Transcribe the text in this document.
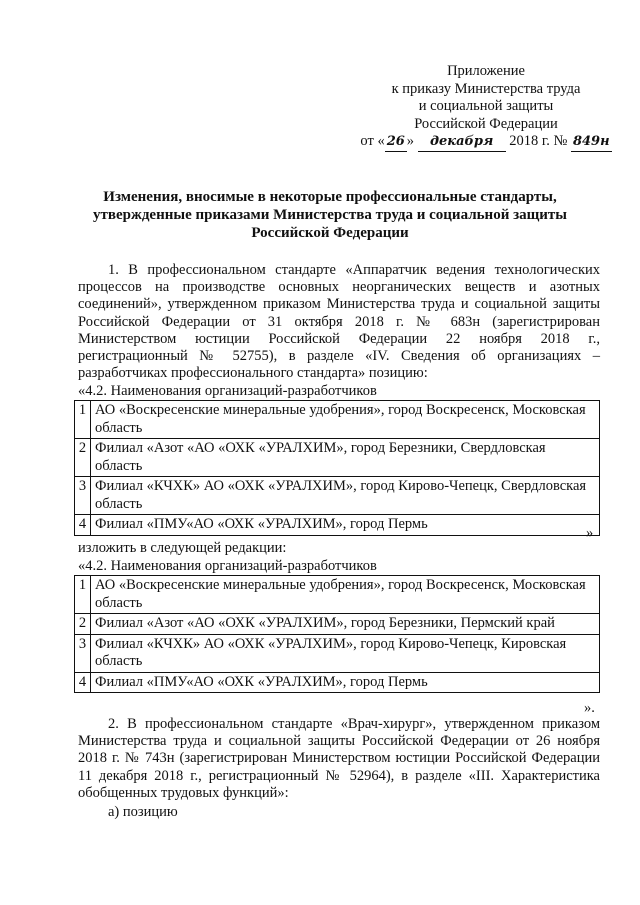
Приложение
к приказу Министерства труда
и социальной защиты
Российской Федерации
от « 26 » декабря 2018 г. № 849н
Изменения, вносимые в некоторые профессиональные стандарты,
утвержденные приказами Министерства труда и социальной защиты
Российской Федерации
1. В профессиональном стандарте «Аппаратчик ведения технологических процессов на производстве основных неорганических веществ и азотных соединений», утвержденном приказом Министерства труда и социальной защиты Российской Федерации от 31 октября 2018 г. № 683н (зарегистрирован Министерством юстиции Российской Федерации 22 ноября 2018 г., регистрационный № 52755), в разделе «IV. Сведения об организациях – разработчиках профессионального стандарта» позицию:
«4.2. Наименования организаций-разработчиков
1	АО «Воскресенские минеральные удобрения», город Воскресенск, Московская область
2	Филиал «Азот «АО «ОХК «УРАЛХИМ», город Березники, Свердловская область
3	Филиал «КЧХК» АО «ОХК «УРАЛХИМ», город Кирово-Чепецк, Свердловская область
4	Филиал «ПМУ«АО «ОХК «УРАЛХИМ», город Пермь
»
изложить в следующей редакции:
«4.2. Наименования организаций-разработчиков
1	АО «Воскресенские минеральные удобрения», город Воскресенск, Московская область
2	Филиал «Азот «АО «ОХК «УРАЛХИМ», город Березники, Пермский край
3	Филиал «КЧХК» АО «ОХК «УРАЛХИМ», город Кирово-Чепецк, Кировская область
4	Филиал «ПМУ«АО «ОХК «УРАЛХИМ», город Пермь
».
2. В профессиональном стандарте «Врач-хирург», утвержденном приказом Министерства труда и социальной защиты Российской Федерации от 26 ноября 2018 г. № 743н (зарегистрирован Министерством юстиции Российской Федерации 11 декабря 2018 г., регистрационный № 52964), в разделе «III. Характеристика обобщенных трудовых функций»:
а) позицию
